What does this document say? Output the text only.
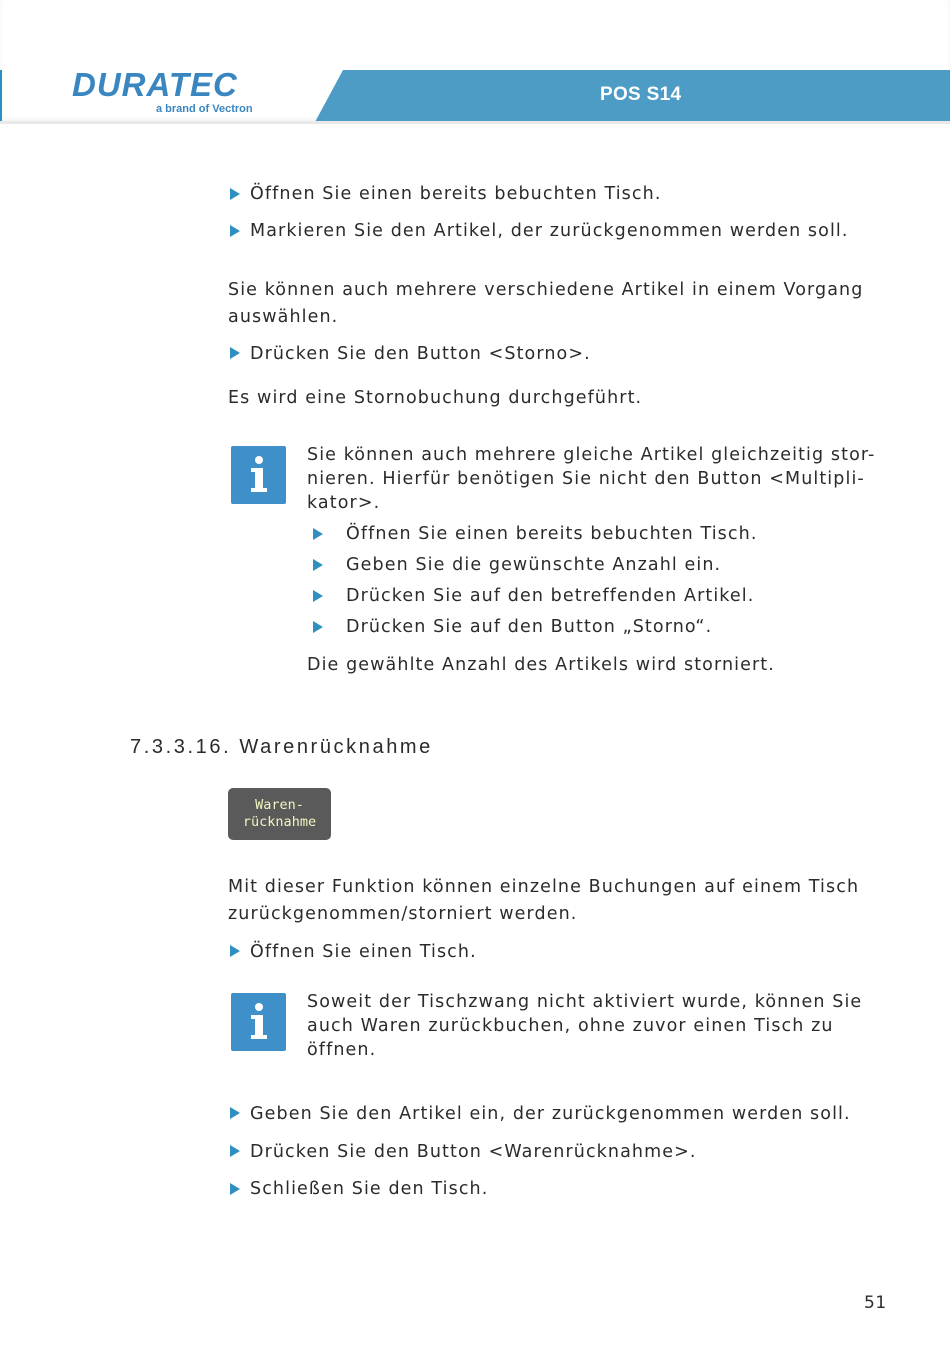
DURATEC
a brand of Vectron
POS S14
Öffnen Sie einen bereits bebuchten Tisch.
Markieren Sie den Artikel, der zurückgenommen werden soll.
Sie können auch mehrere verschiedene Artikel in einem Vorgang
auswählen.
Drücken Sie den Button <Storno>.
Es wird eine Stornobuchung durchgeführt.
Sie können auch mehrere gleiche Artikel gleichzeitig stor-
nieren. Hierfür benötigen Sie nicht den Button <Multipli-
kator>.
Öffnen Sie einen bereits bebuchten Tisch.
Geben Sie die gewünschte Anzahl ein.
Drücken Sie auf den betreffenden Artikel.
Drücken Sie auf den Button „Storno“.
Die gewählte Anzahl des Artikels wird storniert.
7.3.3.16. Warenrücknahme
Waren-
rücknahme
Mit dieser Funktion können einzelne Buchungen auf einem Tisch
zurückgenommen/storniert werden.
Öffnen Sie einen Tisch.
Soweit der Tischzwang nicht aktiviert wurde, können Sie
auch Waren zurückbuchen, ohne zuvor einen Tisch zu
öffnen.
Geben Sie den Artikel ein, der zurückgenommen werden soll.
Drücken Sie den Button <Warenrücknahme>.
Schließen Sie den Tisch.
51
